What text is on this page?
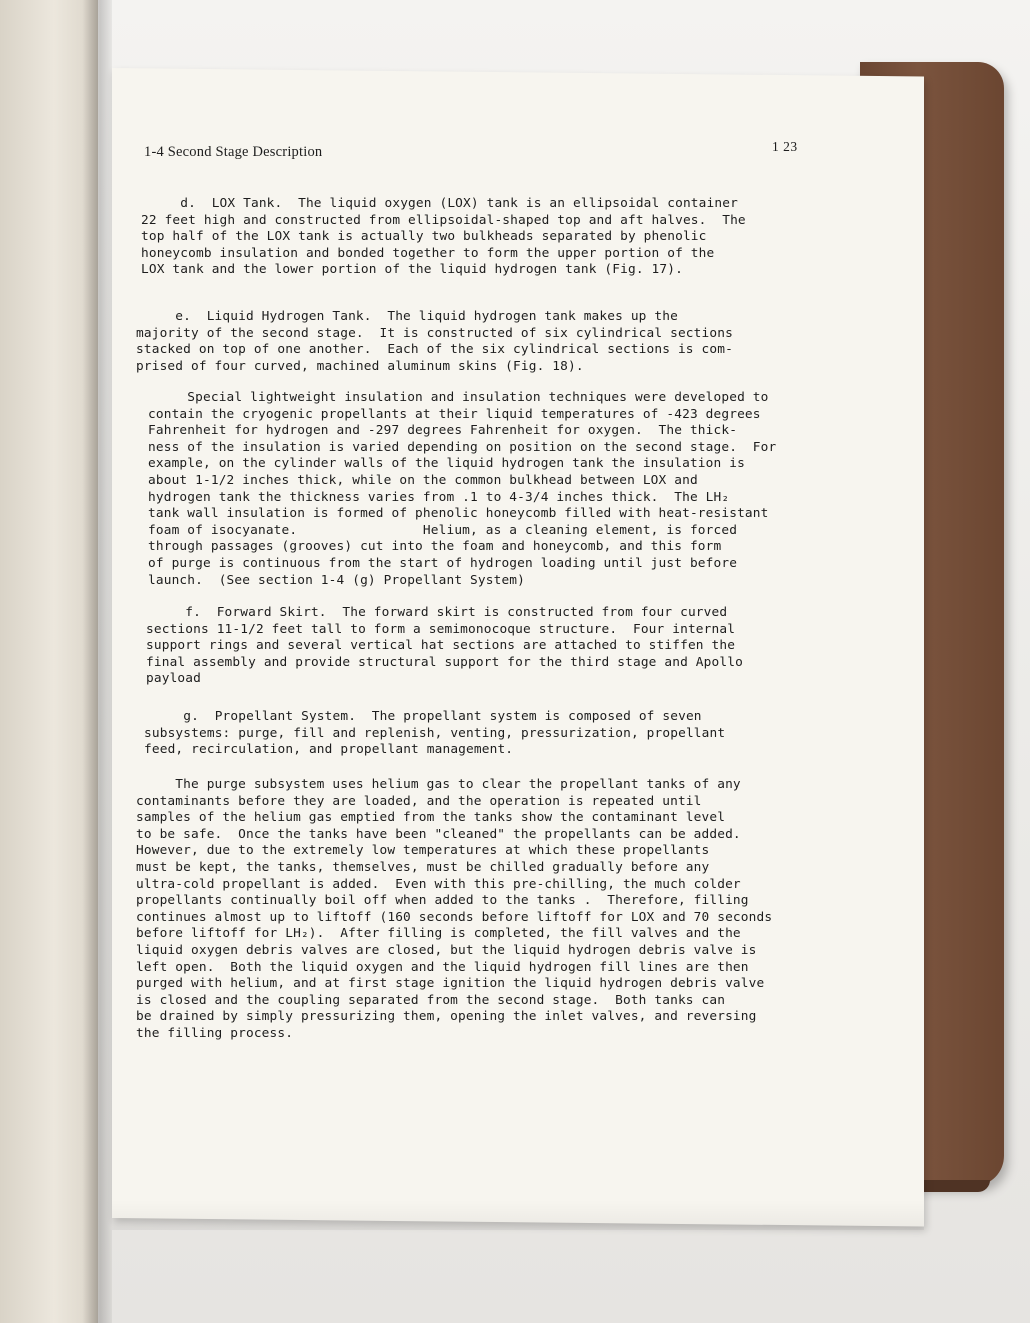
1-4 Second Stage Description	1 23
d.  LOX Tank.  The liquid oxygen (LOX) tank is an ellipsoidal container
22 feet high and constructed from ellipsoidal-shaped top and aft halves.  The
top half of the LOX tank is actually two bulkheads separated by phenolic
honeycomb insulation and bonded together to form the upper portion of the
LOX tank and the lower portion of the liquid hydrogen tank (Fig. 17).
e.  Liquid Hydrogen Tank.  The liquid hydrogen tank makes up the
majority of the second stage.  It is constructed of six cylindrical sections
stacked on top of one another.  Each of the six cylindrical sections is com-
prised of four curved, machined aluminum skins (Fig. 18).
Special lightweight insulation and insulation techniques were developed to
contain the cryogenic propellants at their liquid temperatures of -423 degrees
Fahrenheit for hydrogen and -297 degrees Fahrenheit for oxygen.  The thick-
ness of the insulation is varied depending on position on the second stage.  For
example, on the cylinder walls of the liquid hydrogen tank the insulation is
about 1-1/2 inches thick, while on the common bulkhead between LOX and
hydrogen tank the thickness varies from .1 to 4-3/4 inches thick.  The LH₂
tank wall insulation is formed of phenolic honeycomb filled with heat-resistant
foam of isocyanate.                Helium, as a cleaning element, is forced
through passages (grooves) cut into the foam and honeycomb, and this form
of purge is continuous from the start of hydrogen loading until just before
launch.  (See section 1-4 (g) Propellant System)
f.  Forward Skirt.  The forward skirt is constructed from four curved
sections 11-1/2 feet tall to form a semimonocoque structure.  Four internal
support rings and several vertical hat sections are attached to stiffen the
final assembly and provide structural support for the third stage and Apollo
payload
g.  Propellant System.  The propellant system is composed of seven
subsystems: purge, fill and replenish, venting, pressurization, propellant
feed, recirculation, and propellant management.
The purge subsystem uses helium gas to clear the propellant tanks of any
contaminants before they are loaded, and the operation is repeated until
samples of the helium gas emptied from the tanks show the contaminant level
to be safe.  Once the tanks have been "cleaned" the propellants can be added.
However, due to the extremely low temperatures at which these propellants
must be kept, the tanks, themselves, must be chilled gradually before any
ultra-cold propellant is added.  Even with this pre-chilling, the much colder
propellants continually boil off when added to the tanks .  Therefore, filling
continues almost up to liftoff (160 seconds before liftoff for LOX and 70 seconds
before liftoff for LH₂).  After filling is completed, the fill valves and the
liquid oxygen debris valves are closed, but the liquid hydrogen debris valve is
left open.  Both the liquid oxygen and the liquid hydrogen fill lines are then
purged with helium, and at first stage ignition the liquid hydrogen debris valve
is closed and the coupling separated from the second stage.  Both tanks can
be drained by simply pressurizing them, opening the inlet valves, and reversing
the filling process.
